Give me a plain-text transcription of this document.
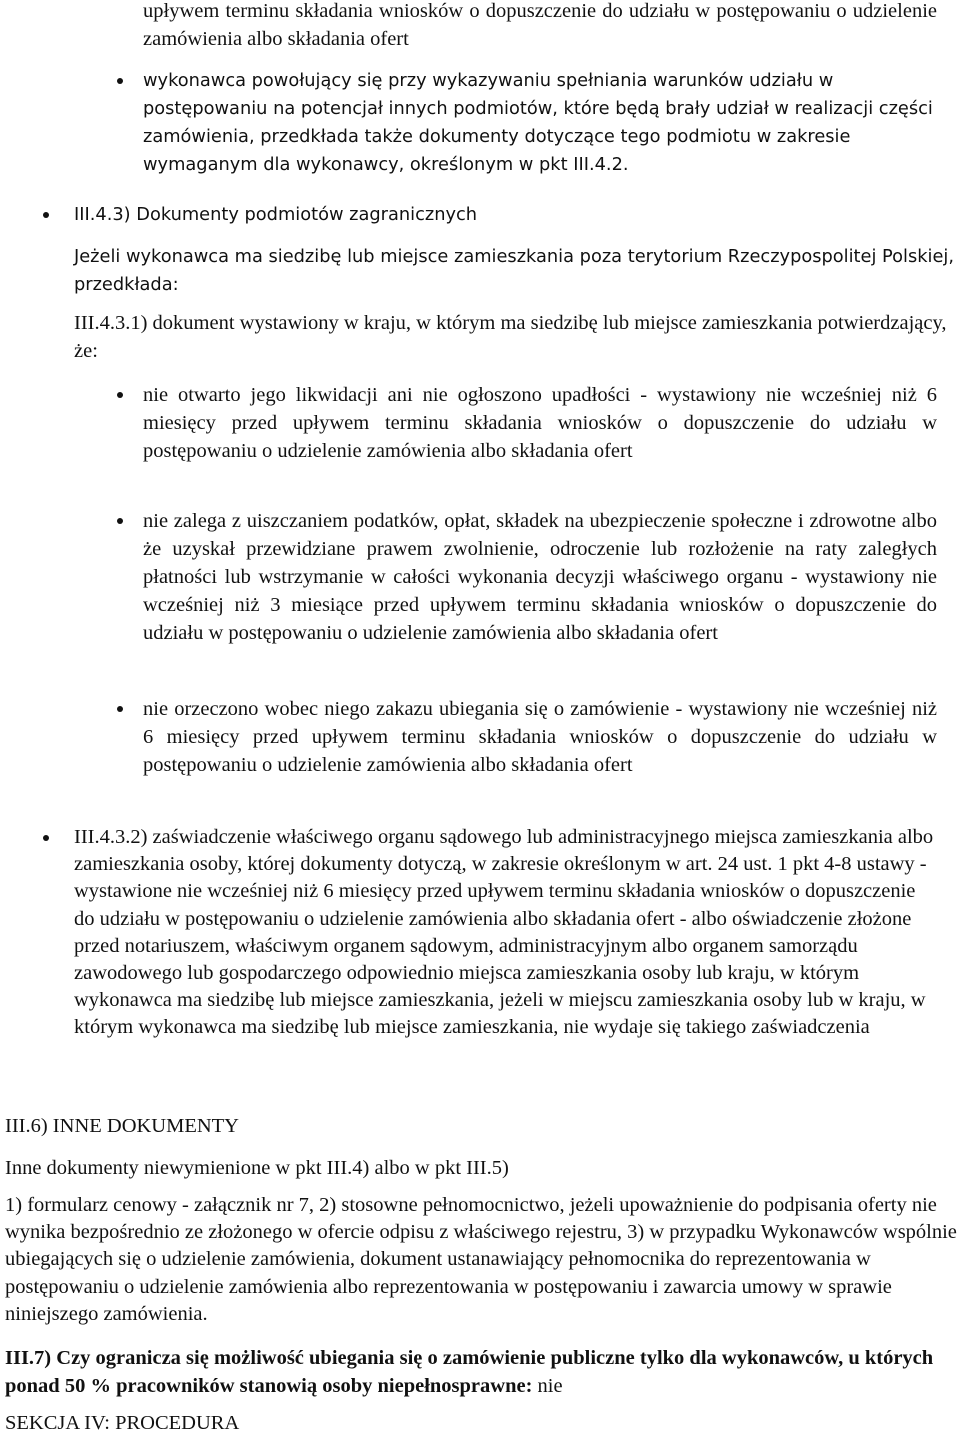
upływem terminu składania wniosków o dopuszczenie do udziału w postępowaniu o udzielenie zamówienia albo składania ofert

wykonawca powołujący się przy wykazywaniu spełniania warunków udziału w postępowaniu na potencjał innych podmiotów, które będą brały udział w realizacji części zamówienia, przedkłada także dokumenty dotyczące tego podmiotu w zakresie wymaganym dla wykonawcy, określonym w pkt III.4.2.

III.4.3) Dokumenty podmiotów zagranicznych

Jeżeli wykonawca ma siedzibę lub miejsce zamieszkania poza terytorium Rzeczypospolitej Polskiej, przedkłada:

III.4.3.1) dokument wystawiony w kraju, w którym ma siedzibę lub miejsce zamieszkania potwierdzający, że:

nie otwarto jego likwidacji ani nie ogłoszono upadłości - wystawiony nie wcześniej niż 6 miesięcy przed upływem terminu składania wniosków o dopuszczenie do udziału w postępowaniu o udzielenie zamówienia albo składania ofert

nie zalega z uiszczaniem podatków, opłat, składek na ubezpieczenie społeczne i zdrowotne albo że uzyskał przewidziane prawem zwolnienie, odroczenie lub rozłożenie na raty zaległych płatności lub wstrzymanie w całości wykonania decyzji właściwego organu - wystawiony nie wcześniej niż 3 miesiące przed upływem terminu składania wniosków o dopuszczenie do udziału w postępowaniu o udzielenie zamówienia albo składania ofert

nie orzeczono wobec niego zakazu ubiegania się o zamówienie - wystawiony nie wcześniej niż 6 miesięcy przed upływem terminu składania wniosków o dopuszczenie do udziału w postępowaniu o udzielenie zamówienia albo składania ofert

III.4.3.2) zaświadczenie właściwego organu sądowego lub administracyjnego miejsca zamieszkania albo zamieszkania osoby, której dokumenty dotyczą, w zakresie określonym w art. 24 ust. 1 pkt 4-8 ustawy - wystawione nie wcześniej niż 6 miesięcy przed upływem terminu składania wniosków o dopuszczenie do udziału w postępowaniu o udzielenie zamówienia albo składania ofert - albo oświadczenie złożone przed notariuszem, właściwym organem sądowym, administracyjnym albo organem samorządu zawodowego lub gospodarczego odpowiednio miejsca zamieszkania osoby lub kraju, w którym wykonawca ma siedzibę lub miejsce zamieszkania, jeżeli w miejscu zamieszkania osoby lub w kraju, w którym wykonawca ma siedzibę lub miejsce zamieszkania, nie wydaje się takiego zaświadczenia

III.6) INNE DOKUMENTY

Inne dokumenty niewymienione w pkt III.4) albo w pkt III.5)

1) formularz cenowy - załącznik nr 7, 2) stosowne pełnomocnictwo, jeżeli upoważnienie do podpisania oferty nie wynika bezpośrednio ze złożonego w ofercie odpisu z właściwego rejestru, 3) w przypadku Wykonawców wspólnie ubiegających się o udzielenie zamówienia, dokument ustanawiający pełnomocnika do reprezentowania w postępowaniu o udzielenie zamówienia albo reprezentowania w postępowaniu i zawarcia umowy w sprawie niniejszego zamówienia.

III.7) Czy ogranicza się możliwość ubiegania się o zamówienie publiczne tylko dla wykonawców, u których ponad 50 % pracowników stanowią osoby niepełnosprawne: nie

SEKCJA IV: PROCEDURA
